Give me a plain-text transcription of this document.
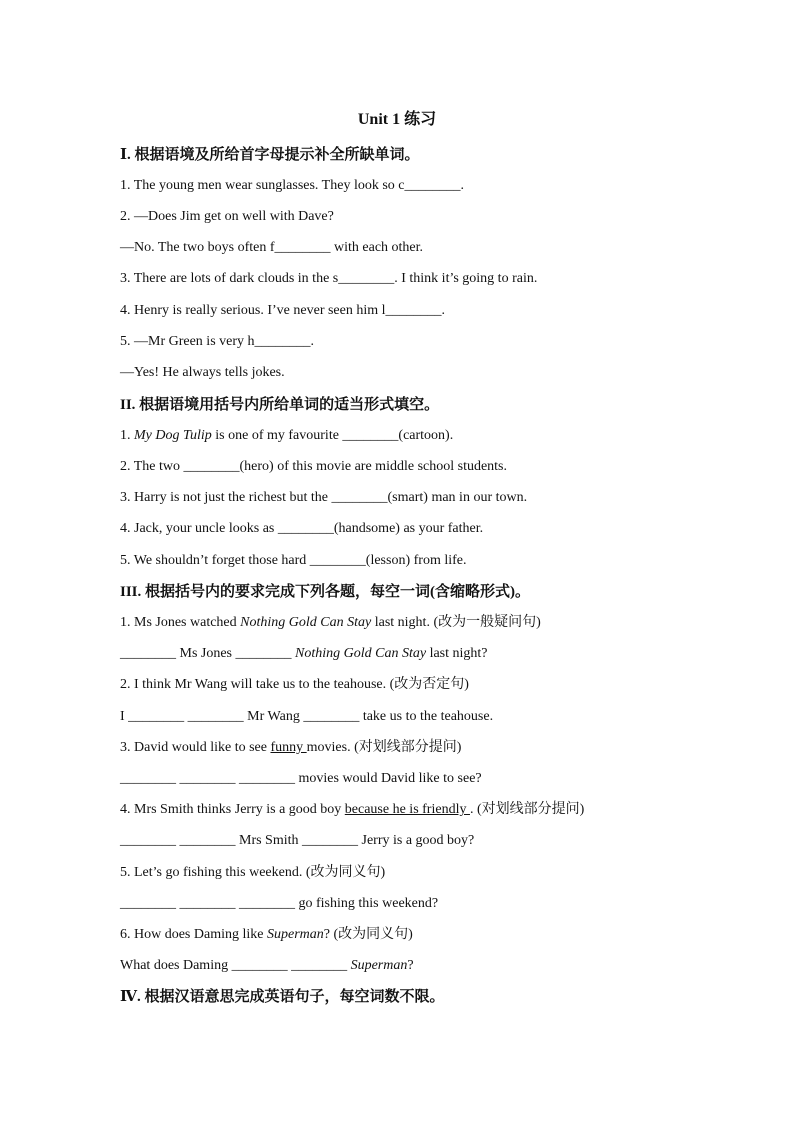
Unit 1 练习
Ⅰ. 根据语境及所给首字母提示补全所缺单词。
1. The young men wear sunglasses. They look so c________.
2. —Does Jim get on well with Dave?
—No. The two boys often f________ with each other.
3. There are lots of dark clouds in the s________. I think it’s going to rain.
4. Henry is really serious. I’ve never seen him l________.
5. —Mr Green is very h________.
—Yes! He always tells jokes.
II. 根据语境用括号内所给单词的适当形式填空。
1. My Dog Tulip is one of my favourite ________(cartoon).
2. The two ________(hero) of this movie are middle school students.
3. Harry is not just the richest but the ________(smart) man in our town.
4. Jack, your uncle looks as ________(handsome) as your father.
5. We shouldn’t forget those hard ________(lesson) from life.
III. 根据括号内的要求完成下列各题，每空一词(含缩略形式)。
1. Ms Jones watched Nothing Gold Can Stay last night. (改为一般疑问句)
________ Ms Jones ________ Nothing Gold Can Stay last night?
2. I think Mr Wang will take us to the teahouse. (改为否定句)
I ________ ________ Mr Wang ________ take us to the teahouse.
3. David would like to see funny movies. (对划线部分提问)
________ ________ ________ movies would David like to see?
4. Mrs Smith thinks Jerry is a good boy because he is friendly . (对划线部分提问)
________ ________ Mrs Smith ________ Jerry is a good boy?
5. Let’s go fishing this weekend. (改为同义句)
________ ________ ________ go fishing this weekend?
6. How does Daming like Superman? (改为同义句)
What does Daming ________ ________ Superman?
Ⅳ. 根据汉语意思完成英语句子，每空词数不限。
